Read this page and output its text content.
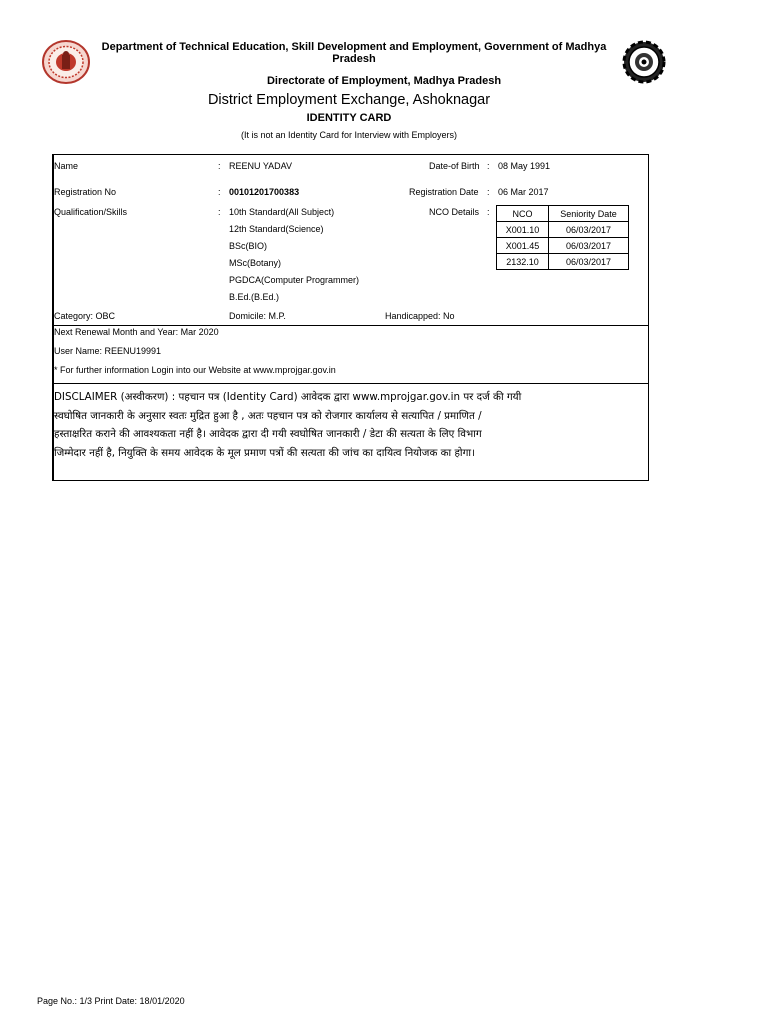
Department of Technical Education, Skill Development and Employment, Government of Madhya Pradesh
Directorate of Employment, Madhya Pradesh
District Employment Exchange, Ashoknagar
IDENTITY CARD
(It is not an Identity Card for Interview with Employers)
Name	: REENU YADAV	Date-of Birth : 08 May 1991
Registration No	: 00101201700383	Registration Date : 06 Mar 2017
Qualification/Skills	: 10th Standard(All Subject)
12th Standard(Science)
BSc(BIO)
MSc(Botany)
PGDCA(Computer Programmer)
B.Ed.(B.Ed.)
NCO Details :	NCO	Seniority Date
X001.10	06/03/2017
X001.45	06/03/2017
2132.10	06/03/2017
Category: OBC	Domicile: M.P.	Handicapped: No
Next Renewal Month and Year: Mar 2020
User Name: REENU19991
* For further information Login into our Website at www.mprojgar.gov.in
DISCLAIMER (अस्वीकरण) : पहचान पत्र (Identity Card) आवेदक द्वारा www.mprojgar.gov.in पर दर्ज की गयी
स्वघोषित जानकारी के अनुसार स्वतः मुद्रित हुआ है , अतः पहचान पत्र को रोजगार कार्यालय से सत्यापित / प्रमाणित /
हस्ताक्षरित कराने की आवश्यकता नहीं है। आवेदक द्वारा दी गयी स्वघोषित जानकारी / डेटा की सत्यता के लिए विभाग
जिम्मेदार नहीं है, नियुक्ति के समय आवेदक के मूल प्रमाण पत्रों की सत्यता की जांच का दायित्व नियोजक का होगा।
Page No.: 1/3 Print Date: 18/01/2020
